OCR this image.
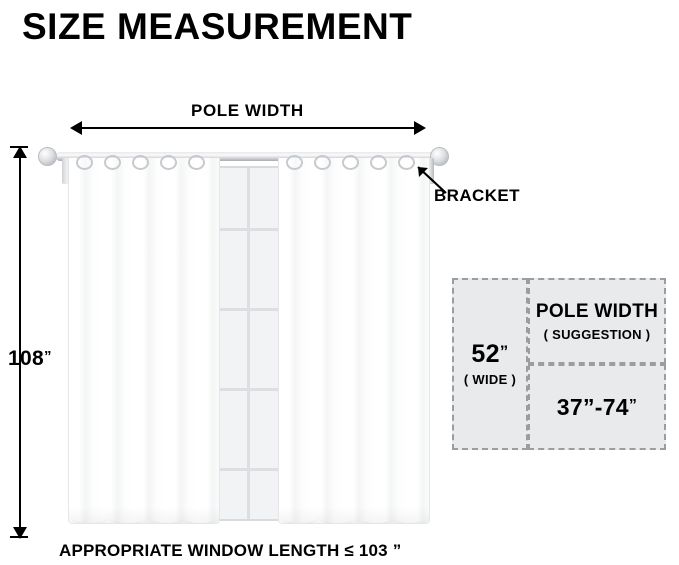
SIZE MEASUREMENT
POLE WIDTH
108”
BRACKET
APPROPRIATE WINDOW LENGTH ≤ 103 ”
52”
( WIDE )
POLE WIDTH
( SUGGESTION )
37”-74”
